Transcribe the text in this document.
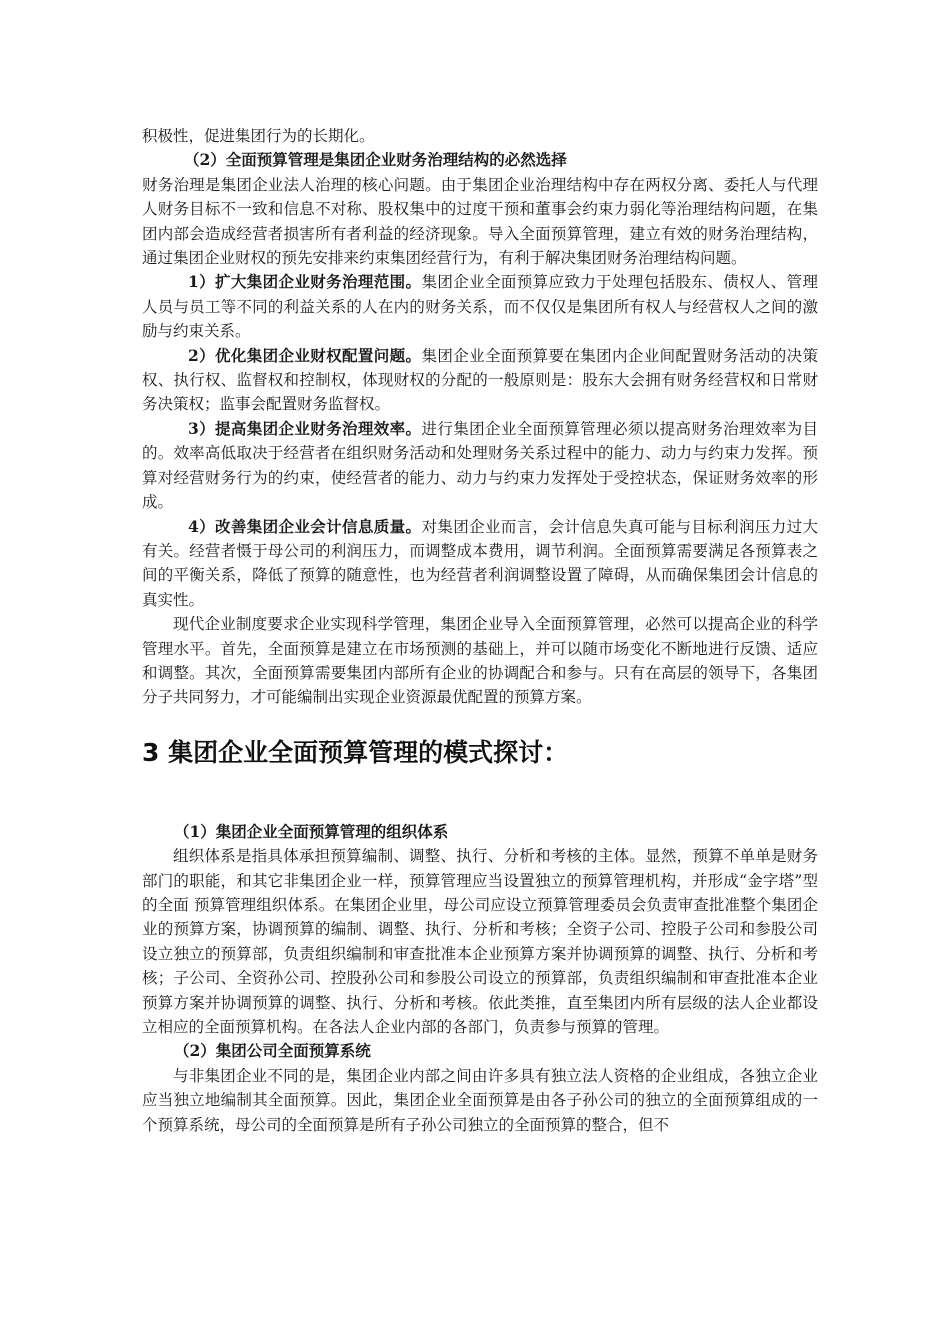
积极性，促进集团行为的长期化。

（2）全面预算管理是集团企业财务治理结构的必然选择

财务治理是集团企业法人治理的核心问题。由于集团企业治理结构中存在两权分离、委托人与代理人财务目标不一致和信息不对称、股权集中的过度干预和董事会约束力弱化等治理结构问题，在集团内部会造成经营者损害所有者利益的经济现象。导入全面预算管理，建立有效的财务治理结构，通过集团企业财权的预先安排来约束集团经营行为，有利于解决集团财务治理结构问题。

1）扩大集团企业财务治理范围。集团企业全面预算应致力于处理包括股东、债权人、管理人员与员工等不同的利益关系的人在内的财务关系，而不仅仅是集团所有权人与经营权人之间的激励与约束关系。

2）优化集团企业财权配置问题。集团企业全面预算要在集团内企业间配置财务活动的决策权、执行权、监督权和控制权，体现财权的分配的一般原则是：股东大会拥有财务经营权和日常财务决策权；监事会配置财务监督权。

3）提高集团企业财务治理效率。进行集团企业全面预算管理必须以提高财务治理效率为目的。效率高低取决于经营者在组织财务活动和处理财务关系过程中的能力、动力与约束力发挥。预算对经营财务行为的约束，使经营者的能力、动力与约束力发挥处于受控状态，保证财务效率的形成。

4）改善集团企业会计信息质量。对集团企业而言，会计信息失真可能与目标利润压力过大有关。经营者慑于母公司的利润压力，而调整成本费用，调节利润。全面预算需要满足各预算表之间的平衡关系，降低了预算的随意性，也为经营者利润调整设置了障碍，从而确保集团会计信息的真实性。

现代企业制度要求企业实现科学管理，集团企业导入全面预算管理，必然可以提高企业的科学管理水平。首先，全面预算是建立在市场预测的基础上，并可以随市场变化不断地进行反馈、适应和调整。其次，全面预算需要集团内部所有企业的协调配合和参与。只有在高层的领导下，各集团分子共同努力，才可能编制出实现企业资源最优配置的预算方案。

3 集团企业全面预算管理的模式探讨：

（1）集团企业全面预算管理的组织体系

组织体系是指具体承担预算编制、调整、执行、分析和考核的主体。显然，预算不单单是财务部门的职能，和其它非集团企业一样，预算管理应当设置独立的预算管理机构，并形成“金字塔”型的全面 预算管理组织体系。在集团企业里，母公司应设立预算管理委员会负责审查批准整个集团企业的预算方案，协调预算的编制、调整、执行、分析和考核；全资子公司、控股子公司和参股公司设立独立的预算部，负责组织编制和审查批准本企业预算方案并协调预算的调整、执行、分析和考核；子公司、全资孙公司、控股孙公司和参股公司设立的预算部，负责组织编制和审查批准本企业预算方案并协调预算的调整、执行、分析和考核。依此类推，直至集团内所有层级的法人企业都设立相应的全面预算机构。在各法人企业内部的各部门，负责参与预算的管理。

（2）集团公司全面预算系统

与非集团企业不同的是，集团企业内部之间由许多具有独立法人资格的企业组成，各独立企业应当独立地编制其全面预算。因此，集团企业全面预算是由各子孙公司的独立的全面预算组成的一个预算系统，母公司的全面预算是所有子孙公司独立的全面预算的整合，但不
